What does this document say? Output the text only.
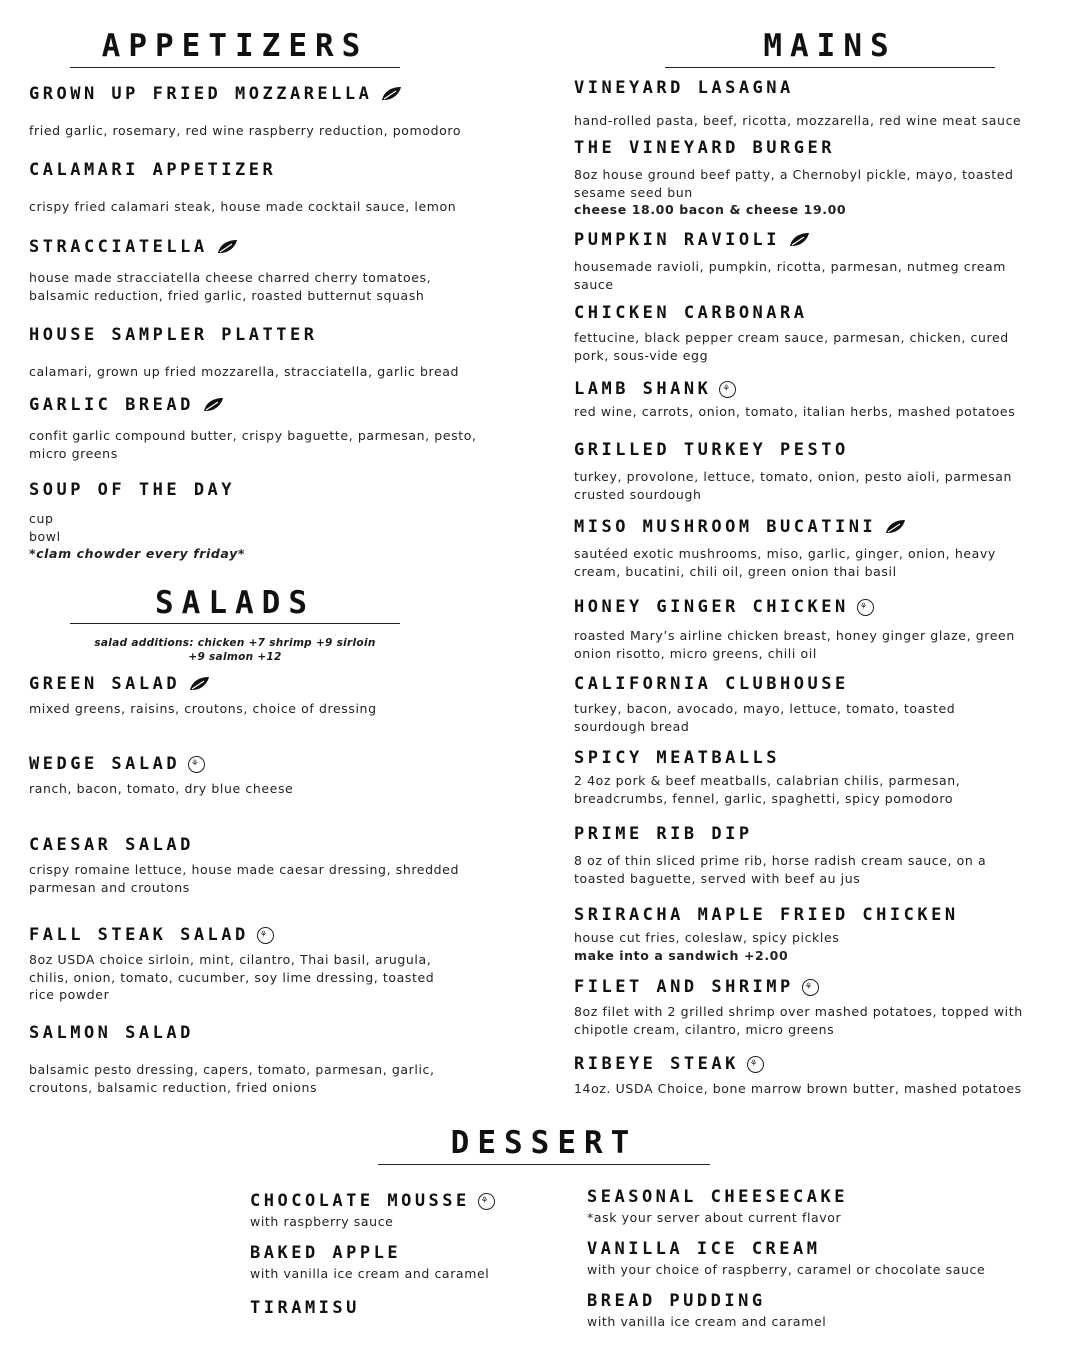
APPETIZERS	MAINS
SALADS
salad additions: chicken +7 shrimp +9 sirloin
+9 salmon +12
DESSERT
GROWN UP FRIED MOZZARELLA
fried garlic, rosemary, red wine raspberry reduction, pomodoro
CALAMARI APPETIZER
crispy fried calamari steak, house made cocktail sauce, lemon
STRACCIATELLA
house made stracciatella cheese charred cherry tomatoes,
balsamic reduction, fried garlic, roasted butternut squash
HOUSE SAMPLER PLATTER
calamari, grown up fried mozzarella, stracciatella, garlic bread
GARLIC BREAD
confit garlic compound butter, crispy baguette, parmesan, pesto,
micro greens
SOUP OF THE DAY
cup
bowl
*clam chowder every friday*
GREEN SALAD
mixed greens, raisins, croutons, choice of dressing
WEDGE SALAD	⚘
ranch, bacon, tomato, dry blue cheese
CAESAR SALAD
crispy romaine lettuce, house made caesar dressing, shredded
parmesan and croutons
FALL STEAK SALAD	⚘
8oz USDA choice sirloin, mint, cilantro, Thai basil, arugula,
chilis, onion, tomato, cucumber, soy lime dressing, toasted
rice powder
SALMON SALAD
balsamic pesto dressing, capers, tomato, parmesan, garlic,
croutons, balsamic reduction, fried onions
VINEYARD LASAGNA
hand-rolled pasta, beef, ricotta, mozzarella, red wine meat sauce
THE VINEYARD BURGER
8oz house ground beef patty, a Chernobyl pickle, mayo, toasted
sesame seed bun
cheese 18.00 bacon & cheese 19.00
PUMPKIN RAVIOLI
housemade ravioli, pumpkin, ricotta, parmesan, nutmeg cream
sauce
CHICKEN CARBONARA
fettucine, black pepper cream sauce, parmesan, chicken, cured
pork, sous-vide egg
LAMB SHANK	⚘
red wine, carrots, onion, tomato, italian herbs, mashed potatoes
GRILLED TURKEY PESTO
turkey, provolone, lettuce, tomato, onion, pesto aioli, parmesan
crusted sourdough
MISO MUSHROOM BUCATINI
sautéed exotic mushrooms, miso, garlic, ginger, onion, heavy
cream, bucatini, chili oil, green onion thai basil
HONEY GINGER CHICKEN	⚘
roasted Mary’s airline chicken breast, honey ginger glaze, green
onion risotto, micro greens, chili oil
CALIFORNIA CLUBHOUSE
turkey, bacon, avocado, mayo, lettuce, tomato, toasted
sourdough bread
SPICY MEATBALLS
2 4oz pork & beef meatballs, calabrian chilis, parmesan,
breadcrumbs, fennel, garlic, spaghetti, spicy pomodoro
PRIME RIB DIP
8 oz of thin sliced prime rib, horse radish cream sauce, on a
toasted baguette, served with beef au jus
SRIRACHA MAPLE FRIED CHICKEN
house cut fries, coleslaw, spicy pickles
make into a sandwich +2.00
FILET AND SHRIMP	⚘
8oz filet with 2 grilled shrimp over mashed potatoes, topped with
chipotle cream, cilantro, micro greens
RIBEYE STEAK	⚘
14oz. USDA Choice, bone marrow brown butter, mashed potatoes
CHOCOLATE MOUSSE	⚘
with raspberry sauce
BAKED APPLE
with vanilla ice cream and caramel
TIRAMISU
SEASONAL CHEESECAKE
*ask your server about current flavor
VANILLA ICE CREAM
with your choice of raspberry, caramel or chocolate sauce
BREAD PUDDING
with vanilla ice cream and caramel
